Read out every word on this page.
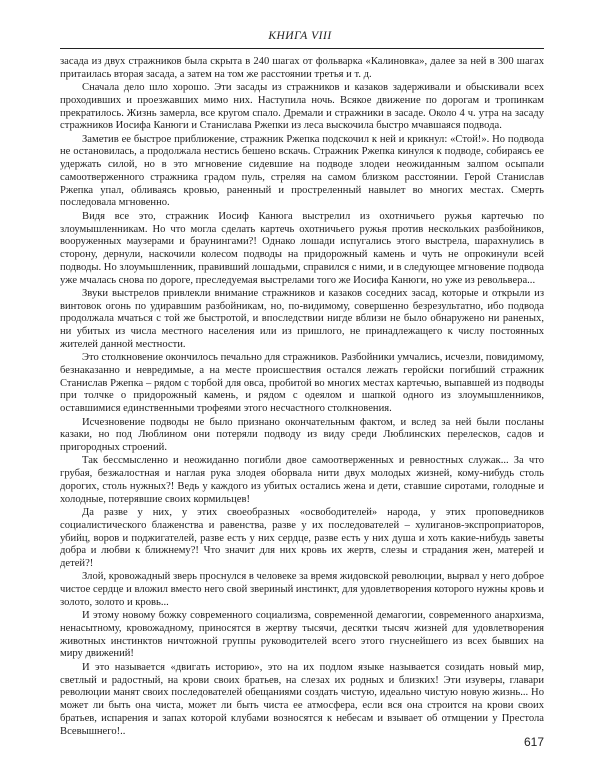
КНИГА VIII

засада из двух стражников была скрыта в 240 шагах от фольварка «Калиновка», далее за ней в 300 шагах притаилась вторая засада, а затем на том же расстоянии третья и т. д.

Сначала дело шло хорошо. Эти засады из стражников и казаков задерживали и обыскивали всех проходивших и проезжавших мимо них. Наступила ночь. Всякое движение по дорогам и тропинкам прекратилось. Жизнь замерла, все кругом спало. Дремали и стражники в засаде. Около 4 ч. утра на засаду стражников Иосифа Канюги и Станислава Ржепки из леса выскочила быстро мчавшаяся подвода.

Заметив ее быстрое приближение, стражник Ржепка подскочил к ней и крикнул: «Стой!». Но подвода не остановилась, а продолжала нестись бешено вскачь. Стражник Ржепка кинулся к подводе, собираясь ее удержать силой, но в это мгновение сидевшие на подводе злодеи неожиданным залпом осыпали самоотверженного стражника градом пуль, стреляя на самом близком расстоянии. Герой Станислав Ржепка упал, обливаясь кровью, раненный и простреленный навылет во многих местах. Смерть последовала мгновенно.

Видя все это, стражник Иосиф Канюга выстрелил из охотничьего ружья картечью по злоумышленникам. Но что могла сделать картечь охотничьего ружья против нескольких разбойников, вооруженных маузерами и браунингами?! Однако лошади испугались этого выстрела, шарахнулись в сторону, дернули, наскочили колесом подводы на придорожный камень и чуть не опрокинули всей подводы. Но злоумышленник, правивший лошадьми, справился с ними, и в следующее мгновение подвода уже мчалась снова по дороге, преследуемая выстрелами того же Иосифа Канюги, но уже из револьвера...

Звуки выстрелов привлекли внимание стражников и казаков соседних засад, которые и открыли из винтовок огонь по удиравшим разбойникам, но, по-видимому, совершенно безрезультатно, ибо подвода продолжала мчаться с той же быстротой, и впоследствии нигде вблизи не было обнаружено ни раненых, ни убитых из числа местного населения или из пришлого, не принадлежащего к числу постоянных жителей данной местности.

Это столкновение окончилось печально для стражников. Разбойники умчались, исчезли, повидимому, безнаказанно и невредимые, а на месте происшествия остался лежать геройски погибший стражник Станислав Ржепка – рядом с торбой для овса, пробитой во многих местах картечью, выпавшей из подводы при толчке о придорожный камень, и рядом с одеялом и шапкой одного из злоумышленников, оставшимися единственными трофеями этого несчастного столкновения.

Исчезновение подводы не было признано окончательным фактом, и вслед за ней были посланы казаки, но под Люблином они потеряли подводу из виду среди Люблинских перелесков, садов и пригородных строений.

Так бессмысленно и неожиданно погибли двое самоотверженных и ревностных служак... За что грубая, безжалостная и наглая рука злодея оборвала нити двух молодых жизней, кому-нибудь столь дорогих, столь нужных?! Ведь у каждого из убитых остались жена и дети, ставшие сиротами, голодные и холодные, потерявшие своих кормильцев!

Да разве у них, у этих своеобразных «освободителей» народа, у этих проповедников социалистического блаженства и равенства, разве у их последователей – хулиганов-экспроприаторов, убийц, воров и поджигателей, разве есть у них сердце, разве есть у них душа и хоть какие-нибудь заветы добра и любви к ближнему?! Что значит для них кровь их жертв, слезы и страдания жен, матерей и детей?!

Злой, кровожадный зверь проснулся в человеке за время жидовской революции, вырвал у него доброе чистое сердце и вложил вместо него свой звериный инстинкт, для удовлетворения которого нужны кровь и золото, золото и кровь...

И этому новому божку современного социализма, современной демагогии, современного анархизма, ненасытному, кровожадному, приносятся в жертву тысячи, десятки тысяч жизней для удовлетворения животных инстинктов ничтожной группы руководителей всего этого гнуснейшего из всех бывших на миру движений!

И это называется «двигать историю», это на их подлом языке называется созидать новый мир, светлый и радостный, на крови своих братьев, на слезах их родных и близких! Эти изуверы, главари революции манят своих последователей обещаниями создать чистую, идеально чистую новую жизнь... Но может ли быть она чиста, может ли быть чиста ее атмосфера, если вся она строится на крови своих братьев, испарения и запах которой клубами возносятся к небесам и взывает об отмщении у Престола Всевышнего!..

617
